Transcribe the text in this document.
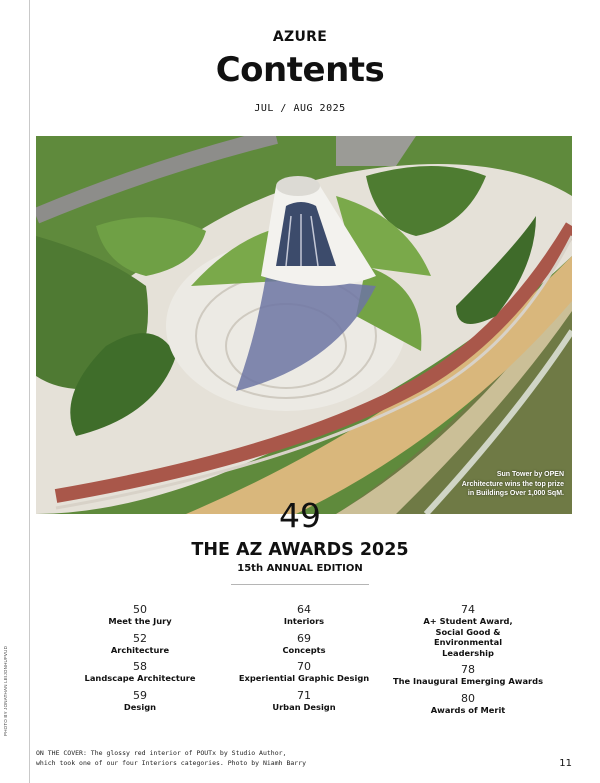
AZURE
Contents
JUL / AUG 2025
Sun Tower by OPEN Architecture wins the top prize in Buildings Over 1,000 SqM.
49
THE AZ AWARDS 2025
15th ANNUAL EDITION
50
Meet the Jury
52
Architecture
58
Landscape Architecture
59
Design
64
Interiors
69
Concepts
70
Experiential Graphic Design
71
Urban Design
74
A+ Student Award, Social Good & Environmental Leadership
78
The Inaugural Emerging Awards
80
Awards of Merit
PHOTO BY JONATHAN LEIJONHUFVUD
ON THE COVER: The glossy red interior of POUTx by Studio Author,
which took one of our four Interiors categories. Photo by Niamh Barry	11
